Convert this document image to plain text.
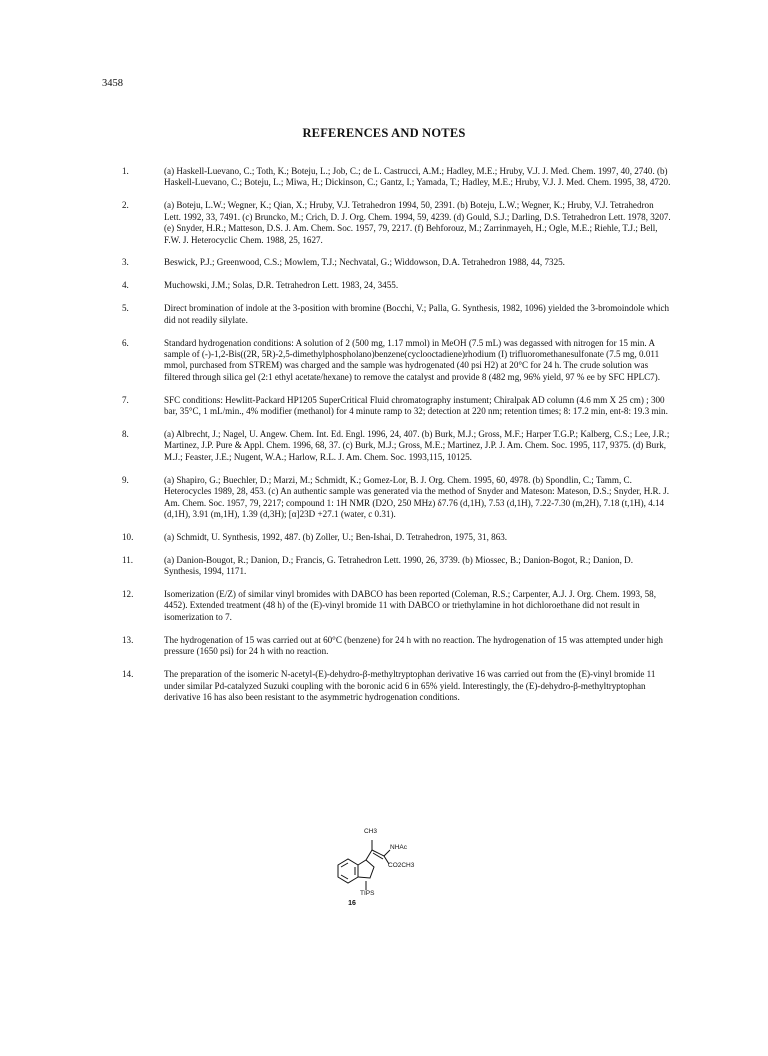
3458
REFERENCES AND NOTES
1.	(a) Haskell-Luevano, C.; Toth, K.; Boteju, L.; Job, C.; de L. Castrucci, A.M.; Hadley, M.E.; Hruby, V.J. J. Med. Chem. 1997, 40, 2740. (b) Haskell-Luevano, C.; Boteju, L.; Miwa, H.; Dickinson, C.; Gantz, I.; Yamada, T.; Hadley, M.E.; Hruby, V.J. J. Med. Chem. 1995, 38, 4720.
2.	(a) Boteju, L.W.; Wegner, K.; Qian, X.; Hruby, V.J. Tetrahedron 1994, 50, 2391. (b) Boteju, L.W.; Wegner, K.; Hruby, V.J. Tetrahedron Lett. 1992, 33, 7491. (c) Bruncko, M.; Crich, D. J. Org. Chem. 1994, 59, 4239. (d) Gould, S.J.; Darling, D.S. Tetrahedron Lett. 1978, 3207. (e) Snyder, H.R.; Matteson, D.S. J. Am. Chem. Soc. 1957, 79, 2217. (f) Behforouz, M.; Zarrinmayeh, H.; Ogle, M.E.; Riehle, T.J.; Bell, F.W. J. Heterocyclic Chem. 1988, 25, 1627.
3.	Beswick, P.J.; Greenwood, C.S.; Mowlem, T.J.; Nechvatal, G.; Widdowson, D.A. Tetrahedron 1988, 44, 7325.
4.	Muchowski, J.M.; Solas, D.R. Tetrahedron Lett. 1983, 24, 3455.
5.	Direct bromination of indole at the 3-position with bromine (Bocchi, V.; Palla, G. Synthesis, 1982, 1096) yielded the 3-bromoindole which did not readily silylate.
6.	Standard hydrogenation conditions: A solution of 2 (500 mg, 1.17 mmol) in MeOH (7.5 mL) was degassed with nitrogen for 15 min. A sample of (-)-1,2-Bis((2R, 5R)-2,5-dimethylphospholano)benzene(cyclooctadiene)rhodium (I) trifluoromethanesulfonate (7.5 mg, 0.011 mmol, purchased from STREM) was charged and the sample was hydrogenated (40 psi H2) at 20°C for 24 h. The crude solution was filtered through silica gel (2:1 ethyl acetate/hexane) to remove the catalyst and provide 8 (482 mg, 96% yield, 97 % ee by SFC HPLC7).
7.	SFC conditions: Hewlitt-Packard HP1205 SuperCritical Fluid chromatography instument; Chiralpak AD column (4.6 mm X 25 cm) ; 300 bar, 35°C, 1 mL/min., 4% modifier (methanol) for 4 minute ramp to 32; detection at 220 nm; retention times; 8: 17.2 min, ent-8: 19.3 min.
8.	(a) Albrecht, J.; Nagel, U. Angew. Chem. Int. Ed. Engl. 1996, 24, 407. (b) Burk, M.J.; Gross, M.F.; Harper T.G.P.; Kalberg, C.S.; Lee, J.R.; Martinez, J.P. Pure & Appl. Chem. 1996, 68, 37. (c) Burk, M.J.; Gross, M.E.; Martinez, J.P. J. Am. Chem. Soc. 1995, 117, 9375. (d) Burk, M.J.; Feaster, J.E.; Nugent, W.A.; Harlow, R.L. J. Am. Chem. Soc. 1993,115, 10125.
9.	(a) Shapiro, G.; Buechler, D.; Marzi, M.; Schmidt, K.; Gomez-Lor, B. J. Org. Chem. 1995, 60, 4978. (b) Spondlin, C.; Tamm, C. Heterocycles 1989, 28, 453. (c) An authentic sample was generated via the method of Snyder and Mateson: Mateson, D.S.; Snyder, H.R. J. Am. Chem. Soc. 1957, 79, 2217; compound 1: 1H NMR (D2O, 250 MHz) δ7.76 (d,1H), 7.53 (d,1H), 7.22-7.30 (m,2H), 7.18 (t,1H), 4.14 (d,1H), 3.91 (m,1H), 1.39 (d,3H); [α]23D +27.1 (water, c 0.31).
10.	(a) Schmidt, U. Synthesis, 1992, 487. (b) Zoller, U.; Ben-Ishai, D. Tetrahedron, 1975, 31, 863.
11.	(a) Danion-Bougot, R.; Danion, D.; Francis, G. Tetrahedron Lett. 1990, 26, 3739. (b) Miossec, B.; Danion-Bogot, R.; Danion, D. Synthesis, 1994, 1171.
12.	Isomerization (E/Z) of similar vinyl bromides with DABCO has been reported (Coleman, R.S.; Carpenter, A.J. J. Org. Chem. 1993, 58, 4452). Extended treatment (48 h) of the (E)-vinyl bromide 11 with DABCO or triethylamine in hot dichloroethane did not result in isomerization to 7.
13.	The hydrogenation of 15 was carried out at 60°C (benzene) for 24 h with no reaction. The hydrogenation of 15 was attempted under high pressure (1650 psi) for 24 h with no reaction.
14.	The preparation of the isomeric N-acetyl-(E)-dehydro-β-methyltryptophan derivative 16 was carried out from the (E)-vinyl bromide 11 under similar Pd-catalyzed Suzuki coupling with the boronic acid 6 in 65% yield. Interestingly, the (E)-dehydro-β-methyltryptophan derivative 16 has also been resistant to the asymmetric hydrogenation conditions.
CH3
NHAc
CO2CH3
TIPS
16
